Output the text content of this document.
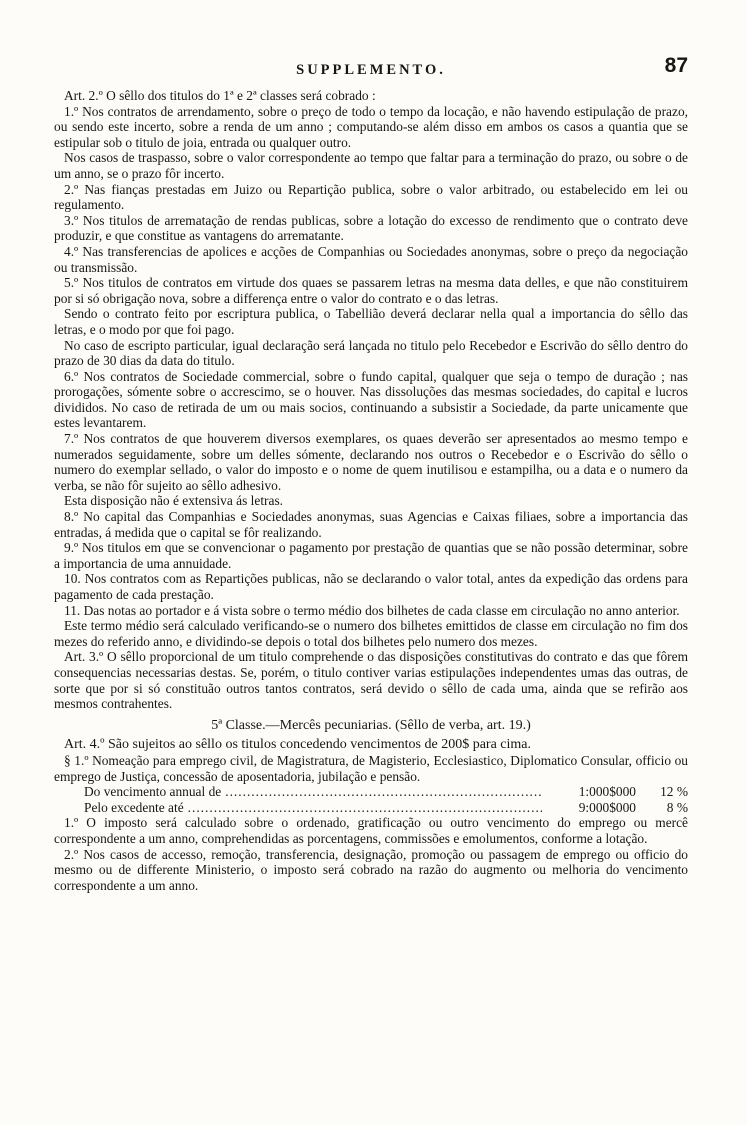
SUPPLEMENTO.	87

Art. 2.º O sêllo dos titulos do 1ª e 2ª classes será cobrado :

1.º Nos contratos de arrendamento, sobre o preço de todo o tempo da locação, e não havendo estipulação de prazo, ou sendo este incerto, sobre a renda de um anno ; computando-se além disso em ambos os casos a quantia que se estipular sob o titulo de joia, entrada ou qualquer outro.

Nos casos de traspasso, sobre o valor correspondente ao tempo que faltar para a terminação do prazo, ou sobre o de um anno, se o prazo fôr incerto.

2.º Nas fianças prestadas em Juizo ou Repartição publica, sobre o valor arbitrado, ou estabelecido em lei ou regulamento.

3.º Nos titulos de arrematação de rendas publicas, sobre a lotação do excesso de rendimento que o contrato deve produzir, e que constitue as vantagens do arrematante.

4.º Nas transferencias de apolices e acções de Companhias ou Sociedades anonymas, sobre o preço da negociação ou transmissão.

5.º Nos titulos de contratos em virtude dos quaes se passarem letras na mesma data delles, e que não constituirem por si só obrigação nova, sobre a differença entre o valor do contrato e o das letras.

Sendo o contrato feito por escriptura publica, o Tabellião deverá declarar nella qual a importancia do sêllo das letras, e o modo por que foi pago.

No caso de escripto particular, igual declaração será lançada no titulo pelo Recebedor e Escrivão do sêllo dentro do prazo de 30 dias da data do titulo.

6.º Nos contratos de Sociedade commercial, sobre o fundo capital, qualquer que seja o tempo de duração ; nas prorogações, sómente sobre o accrescimo, se o houver. Nas dissoluções das mesmas sociedades, do capital e lucros divididos. No caso de retirada de um ou mais socios, continuando a subsistir a Sociedade, da parte unicamente que estes levantarem.

7.º Nos contratos de que houverem diversos exemplares, os quaes deverão ser apresentados ao mesmo tempo e numerados seguidamente, sobre um delles sómente, declarando nos outros o Recebedor e o Escrivão do sêllo o numero do exemplar sellado, o valor do imposto e o nome de quem inutilisou e estampilha, ou a data e o numero da verba, se não fôr sujeito ao sêllo adhesivo.

Esta disposição não é extensiva ás letras.

8.º No capital das Companhias e Sociedades anonymas, suas Agencias e Caixas filiaes, sobre a importancia das entradas, á medida que o capital se fôr realizando.

9.º Nos titulos em que se convencionar o pagamento por prestação de quantias que se não possão determinar, sobre a importancia de uma annuidade.

10. Nos contratos com as Repartições publicas, não se declarando o valor total, antes da expedição das ordens para pagamento de cada prestação.

11. Das notas ao portador e á vista sobre o termo médio dos bilhetes de cada classe em circulação no anno anterior.

Este termo médio será calculado verificando-se o numero dos bilhetes emittidos de classe em circulação no fim dos mezes do referido anno, e dividindo-se depois o total dos bilhetes pelo numero dos mezes.

Art. 3.º O sêllo proporcional de um titulo comprehende o das disposições constitutivas do contrato e das que fôrem consequencias necessarias destas. Se, porém, o titulo contiver varias estipulações independentes umas das outras, de sorte que por si só constituão outros tantos contratos, será devido o sêllo de cada uma, ainda que se refirão aos mesmos contrahentes.

5ª Classe.—Mercês pecuniarias. (Sêllo de verba, art. 19.)

Art. 4.º São sujeitos ao sêllo os titulos concedendo vencimentos de 200$ para cima.

§ 1.º Nomeação para emprego civil, de Magistratura, de Magisterio, Ecclesiastico, Diplomatico Consular, officio ou emprego de Justiça, concessão de aposentadoria, jubilação e pensão.

Do vencimento annual de .....	1:000$000	12 %
Pelo excedente até .....	9:000$000	8 %

1.º O imposto será calculado sobre o ordenado, gratificação ou outro vencimento do emprego ou mercê correspondente a um anno, comprehendidas as porcentagens, commissões e emolumentos, conforme a lotação.

2.º Nos casos de accesso, remoção, transferencia, designação, promoção ou passagem de emprego ou officio do mesmo ou de differente Ministerio, o imposto será cobrado na razão do augmento ou melhoria do vencimento correspondente a um anno.
